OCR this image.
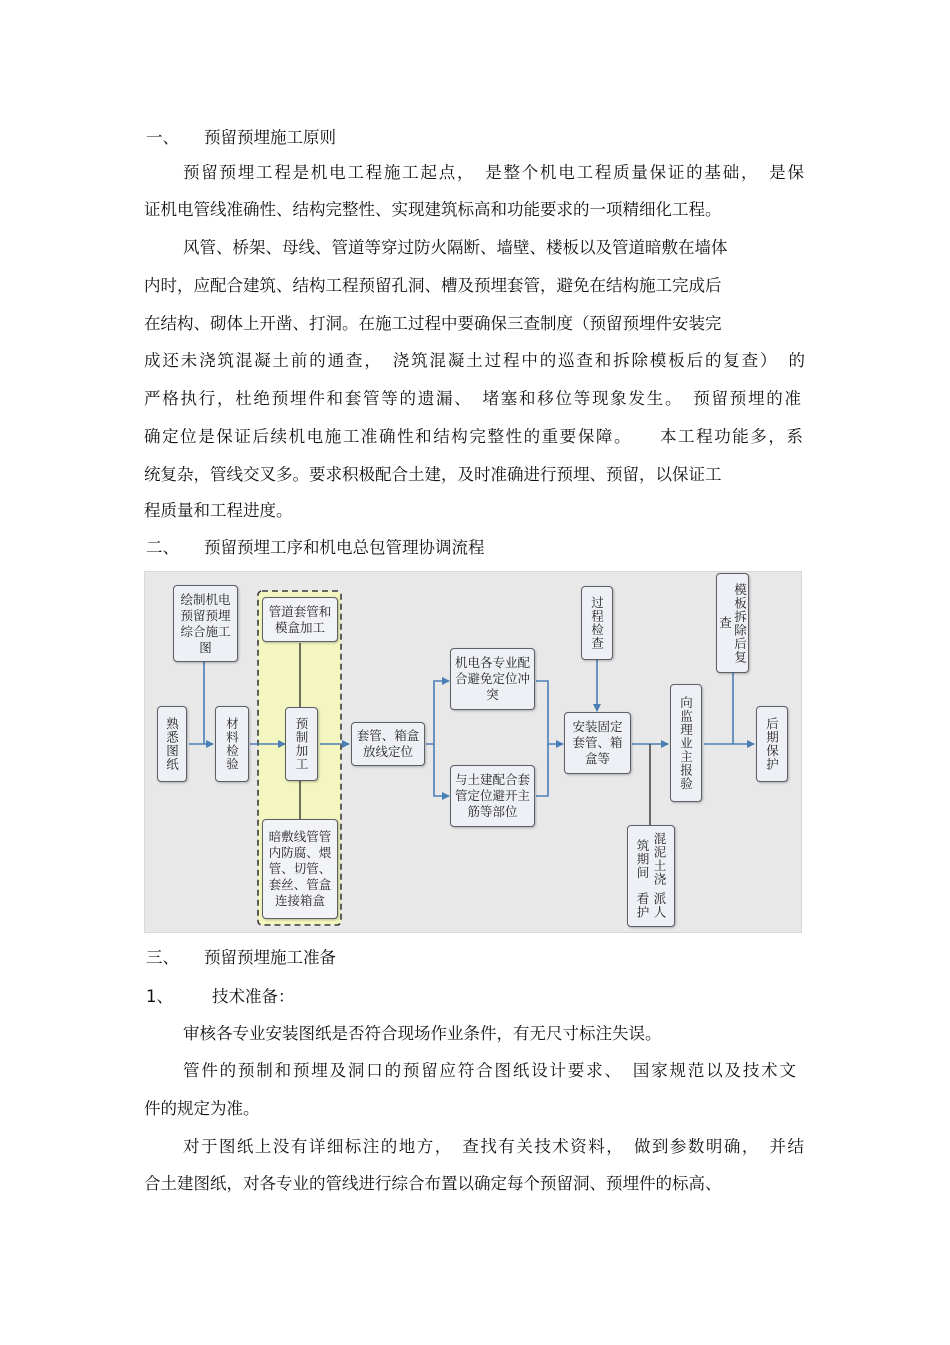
一、 预留预埋施工原则

预留预埋工程是机电工程施工起点，　是整个机电工程质量保证的基础，　是保

证机电管线准确性、结构完整性、实现建筑标高和功能要求的一项精细化工程。

风管、桥架、母线、管道等穿过防火隔断、墙壁、楼板以及管道暗敷在墙体

内时，应配合建筑、结构工程预留孔洞、槽及预埋套管，避免在结构施工完成后

在结构、砌体上开凿、打洞。在施工过程中要确保三查制度（预留预埋件安装完

成还未浇筑混凝土前的通查，　浇筑混凝土过程中的巡查和拆除模板后的复查）　的

严格执行，杜绝预埋件和套管等的遗漏、　堵塞和移位等现象发生。　预留预埋的准

确定位是保证后续机电施工准确性和结构完整性的重要保障。　　本工程功能多，系

统复杂，管线交叉多。要求积极配合土建，及时准确进行预埋、预留，以保证工

程质量和工程进度。

二、 预留预埋工序和机电总包管理协调流程

绘制机电预留预埋综合施工图
熟悉图纸	材料检验
管道套管和模盒加工
预制加工
暗敷线管管内防腐、煨管、切管、套丝、管盒连接箱盒
套管、箱盒放线定位
机电各专业配合避免定位冲突
与土建配合套管定位避开主筋等部位
过程检查
安装固定套管、箱盒等	向监理业主报验
模板拆除后复查
后期保护
混泥土浇筑期间
派人看护

三、 预留预埋施工准备

1、 技术准备：

审核各专业安装图纸是否符合现场作业条件，有无尺寸标注失误。

管件的预制和预埋及洞口的预留应符合图纸设计要求、　国家规范以及技术文

件的规定为准。

对于图纸上没有详细标注的地方，　查找有关技术资料，　做到参数明确，　并结

合土建图纸，对各专业的管线进行综合布置以确定每个预留洞、预埋件的标高、
